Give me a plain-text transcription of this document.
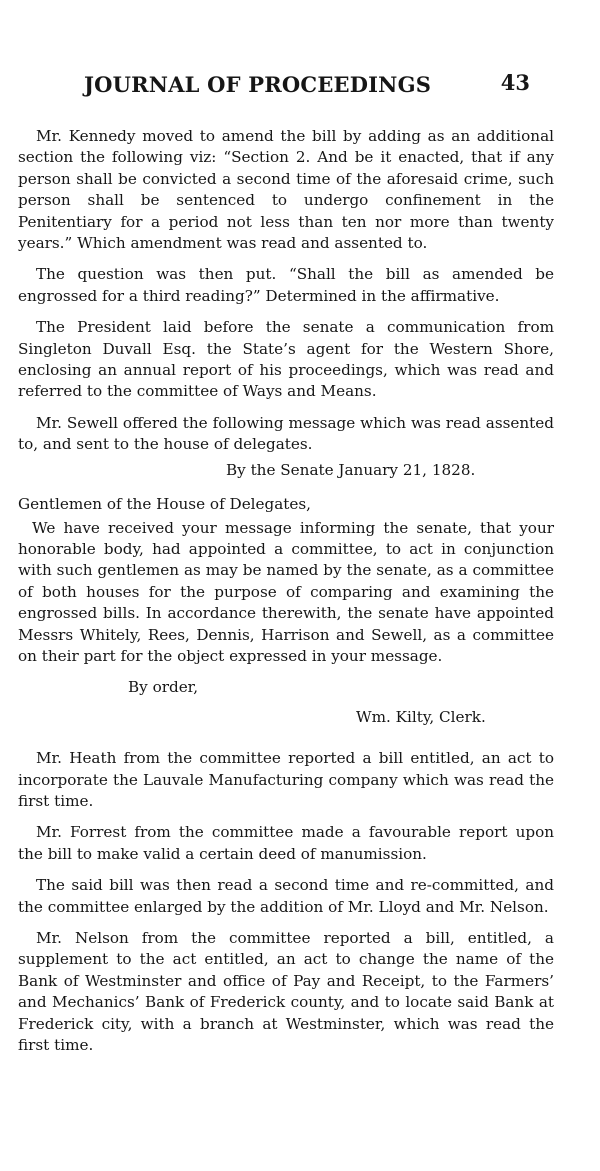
JOURNAL OF PROCEEDINGS	43

Mr. Kennedy moved to amend the bill by adding as an additional section the following viz: “Section 2. And be it enacted, that if any person shall be convicted a second time of the aforesaid crime, such person shall be sentenced to undergo confinement in the Penitentiary for a period not less than ten nor more than twenty years.” Which amendment was read and assented to.

The question was then put. “Shall the bill as amended be engrossed for a third reading?” Determined in the affirmative.

The President laid before the senate a communication from Singleton Duvall Esq. the State’s agent for the Western Shore, enclosing an annual report of his proceedings, which was read and referred to the committee of Ways and Means.

Mr. Sewell offered the following message which was read assented to, and sent to the house of delegates.

By the Senate January 21, 1828.
Gentlemen of the House of Delegates,

We have received your message informing the senate, that your honorable body, had appointed a committee, to act in conjunction with such gentlemen as may be named by the senate, as a committee of both houses for the purpose of comparing and examining the engrossed bills. In accordance therewith, the senate have appointed Messrs Whitely, Rees, Dennis, Harrison and Sewell, as a committee on their part for the object expressed in your message.

By order,
Wm. Kilty, Clerk.

Mr. Heath from the committee reported a bill entitled, an act to incorporate the Lauvale Manufacturing company which was read the first time.

Mr. Forrest from the committee made a favourable report upon the bill to make valid a certain deed of manumission.

The said bill was then read a second time and re-committed, and the committee enlarged by the addition of Mr. Lloyd and Mr. Nelson.

Mr. Nelson from the committee reported a bill, entitled, a supplement to the act entitled, an act to change the name of the Bank of Westminster and office of Pay and Receipt, to the Farmers’ and Mechanics’ Bank of Frederick county, and to locate said Bank at Frederick city, with a branch at Westminster, which was read the first time.
